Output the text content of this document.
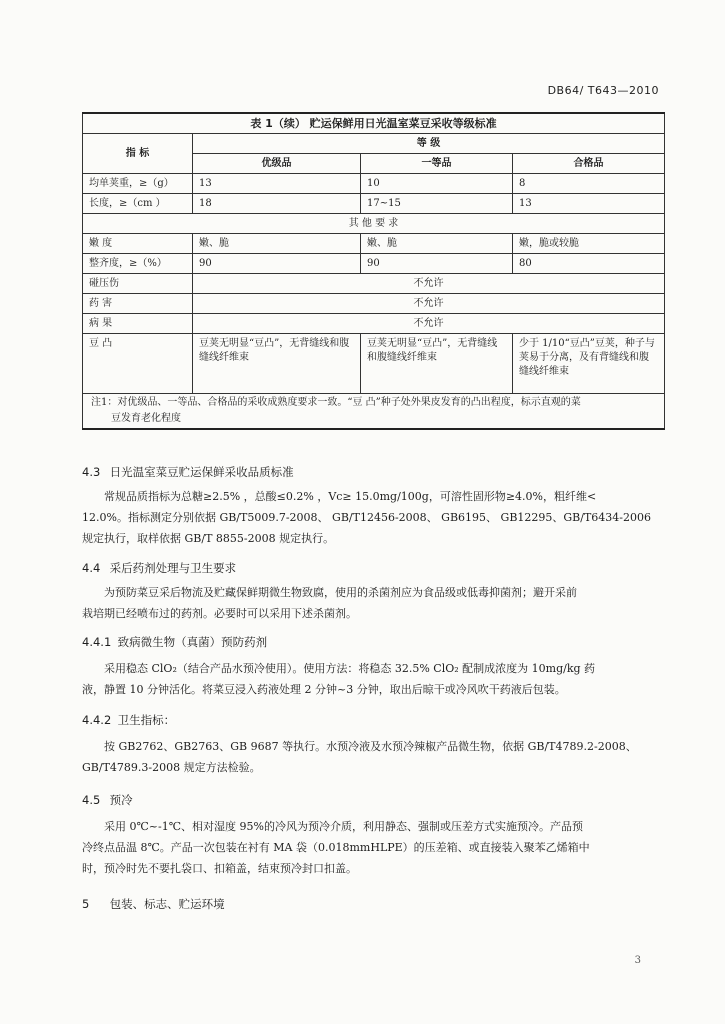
DB64/ T643—2010
表 1（续） 贮运保鲜用日光温室菜豆采收等级标准			
指 标	等 级		
	优级品	一等品	合格品
均单荚重，≥（g）	13	10	8
长度，≥（cm ）	18	17~15	13
其 他 要 求			
嫩 度	嫩、脆	嫩、脆	嫩，脆或较脆
整齐度，≥（%）	90	90	80
碰压伤	不允许		
药 害	不允许		
病 果	不允许		
豆 凸	豆荚无明显“豆凸”，无背缝线和腹缝线纤维束	豆荚无明显“豆凸”，无背缝线和腹缝线纤维束	少于 1/10“豆凸”豆荚，种子与荚易于分离，及有背缝线和腹缝线纤维束

注1：对优级品、一等品、合格品的采收成熟度要求一致。“豆 凸”种子处外果皮发育的凸出程度，标示直观的菜
豆发育老化程度			
4.3 日光温室菜豆贮运保鲜采收品质标准
常规品质指标为总糖≥2.5% ，总酸≤0.2% ，Vc≥ 15.0mg/100g，可溶性固形物≥4.0%，粗纤维<
12.0%。指标测定分别依据 GB/T5009.7-2008、 GB/T12456-2008、 GB6195、 GB12295、GB/T6434-2006
规定执行，取样依据 GB/T 8855-2008 规定执行。
4.4 采后药剂处理与卫生要求
为预防菜豆采后物流及贮藏保鲜期微生物致腐，使用的杀菌剂应为食品级或低毒抑菌剂；避开采前
栽培期已经喷布过的药剂。必要时可以采用下述杀菌剂。
4.4.1 致病微生物（真菌）预防药剂
采用稳态 ClO₂（结合产品水预冷使用）。使用方法：将稳态 32.5% ClO₂ 配制成浓度为 10mg/kg 药
液，静置 10 分钟活化。将菜豆浸入药液处理 2 分钟~3 分钟，取出后晾干或冷风吹干药液后包装。
4.4.2 卫生指标：
按 GB2762、GB2763、GB 9687 等执行。水预冷液及水预冷辣椒产品微生物，依据 GB/T4789.2-2008、
GB/T4789.3-2008 规定方法检验。
4.5 预冷
采用 0℃~-1℃、相对湿度 95%的冷风为预冷介质，利用静态、强制或压差方式实施预冷。产品预
冷终点品温 8℃。产品一次包装在衬有 MA 袋（0.018mmHLPE）的压差箱、或直接装入聚苯乙烯箱中
时，预冷时先不要扎袋口、扣箱盖，结束预冷封口扣盖。
5 包装、标志、贮运环境
3
